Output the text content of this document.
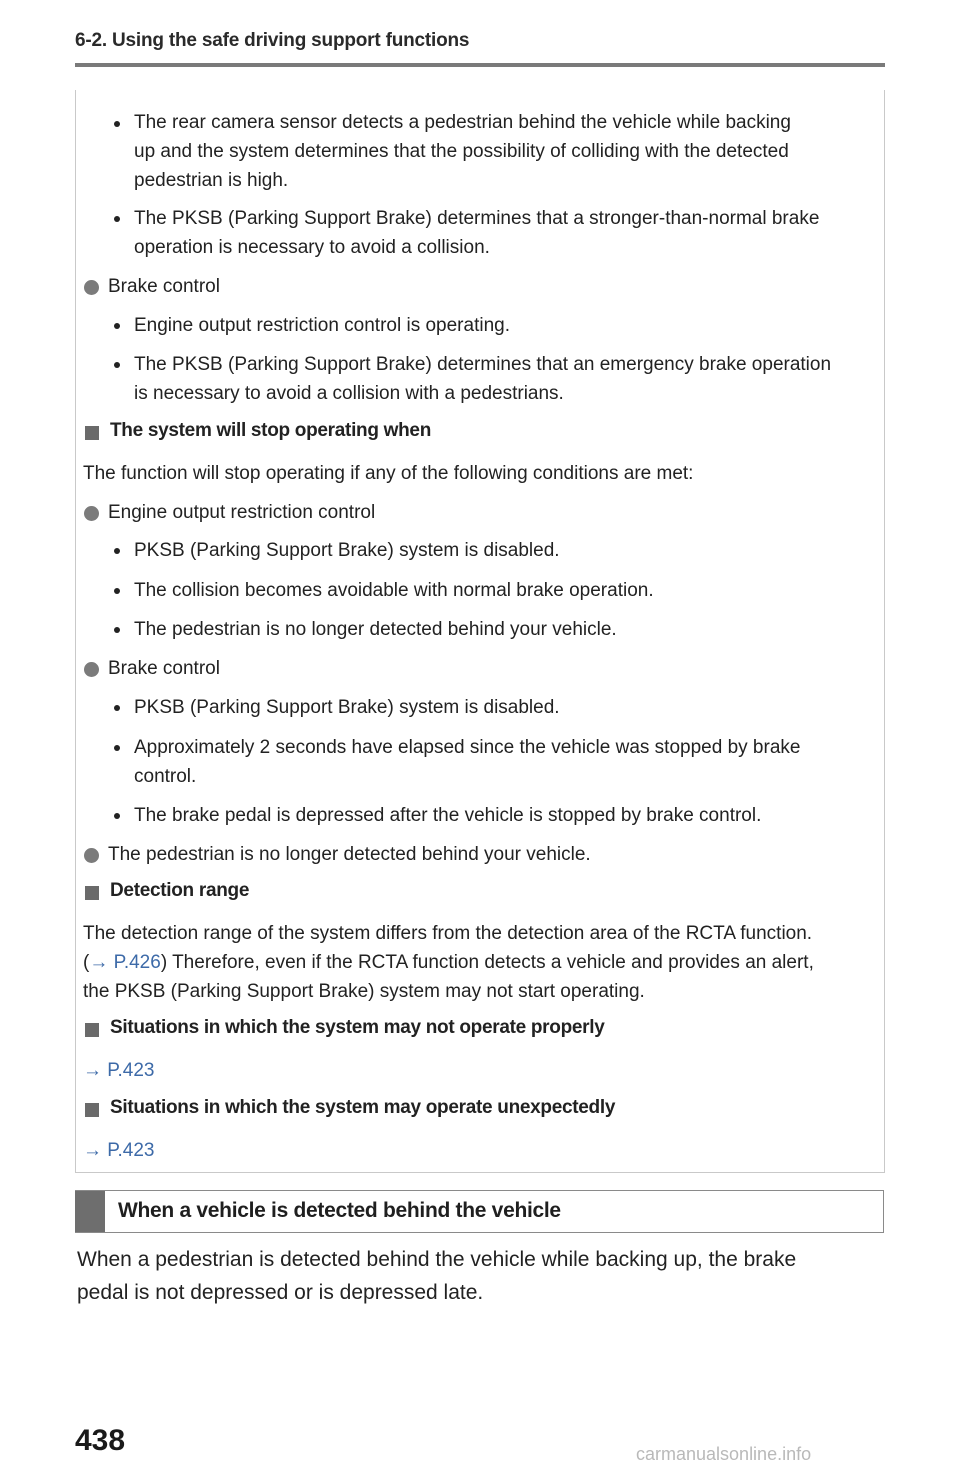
6-2. Using the safe driving support functions
The rear camera sensor detects a pedestrian behind the vehicle while backing
up and the system determines that the possibility of colliding with the detected
pedestrian is high.
The PKSB (Parking Support Brake) determines that a stronger-than-normal brake
operation is necessary to avoid a collision.
Brake control
Engine output restriction control is operating.
The PKSB (Parking Support Brake) determines that an emergency brake operation
is necessary to avoid a collision with a pedestrians.
The system will stop operating when
The function will stop operating if any of the following conditions are met:
Engine output restriction control
PKSB (Parking Support Brake) system is disabled.
The collision becomes avoidable with normal brake operation.
The pedestrian is no longer detected behind your vehicle.
Brake control
PKSB (Parking Support Brake) system is disabled.
Approximately 2 seconds have elapsed since the vehicle was stopped by brake
control.
The brake pedal is depressed after the vehicle is stopped by brake control.
The pedestrian is no longer detected behind your vehicle.
Detection range
The detection range of the system differs from the detection area of the RCTA function.
(→ P.426) Therefore, even if the RCTA function detects a vehicle and provides an alert,
the PKSB (Parking Support Brake) system may not start operating.
Situations in which the system may not operate properly
→ P.423
Situations in which the system may operate unexpectedly
→ P.423
When a vehicle is detected behind the vehicle
When a pedestrian is detected behind the vehicle while backing up, the brake
pedal is not depressed or is depressed late.
438	carmanualsonline.info
